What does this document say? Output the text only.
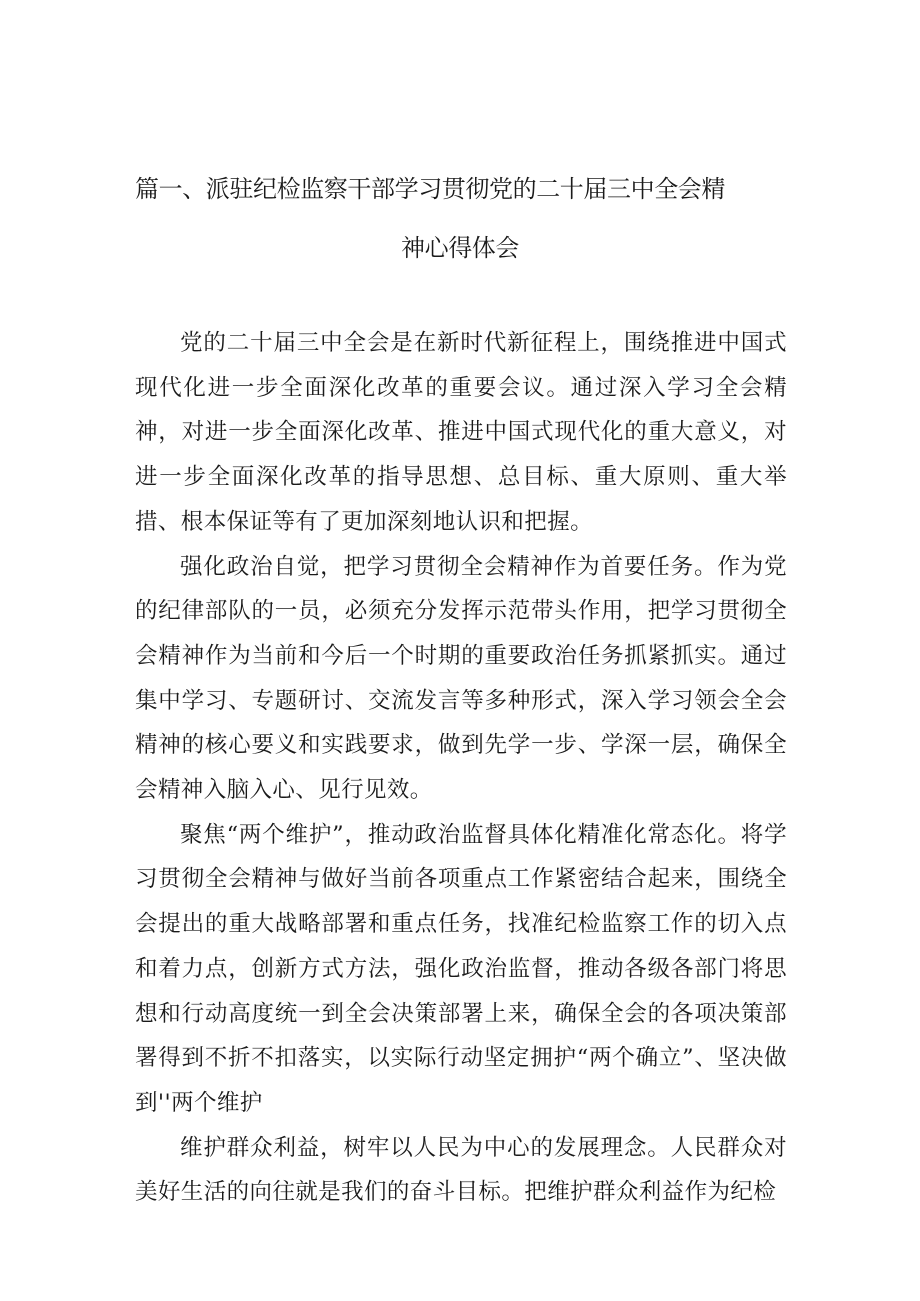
篇一、派驻纪检监察干部学习贯彻党的二十届三中全会精
神心得体会

党的二十届三中全会是在新时代新征程上，围绕推进中国式现代化进一步全面深化改革的重要会议。通过深入学习全会精神，对进一步全面深化改革、推进中国式现代化的重大意义，对进一步全面深化改革的指导思想、总目标、重大原则、重大举措、根本保证等有了更加深刻地认识和把握。

强化政治自觉，把学习贯彻全会精神作为首要任务。作为党的纪律部队的一员，必须充分发挥示范带头作用，把学习贯彻全会精神作为当前和今后一个时期的重要政治任务抓紧抓实。通过集中学习、专题研讨、交流发言等多种形式，深入学习领会全会精神的核心要义和实践要求，做到先学一步、学深一层，确保全会精神入脑入心、见行见效。

聚焦“两个维护”，推动政治监督具体化精准化常态化。将学习贯彻全会精神与做好当前各项重点工作紧密结合起来，围绕全会提出的重大战略部署和重点任务，找准纪检监察工作的切入点和着力点，创新方式方法，强化政治监督，推动各级各部门将思想和行动高度统一到全会决策部署上来，确保全会的各项决策部署得到不折不扣落实，以实际行动坚定拥护“两个确立”、坚决做到''两个维护

维护群众利益，树牢以人民为中心的发展理念。人民群众对美好生活的向往就是我们的奋斗目标。把维护群众利益作为纪检
